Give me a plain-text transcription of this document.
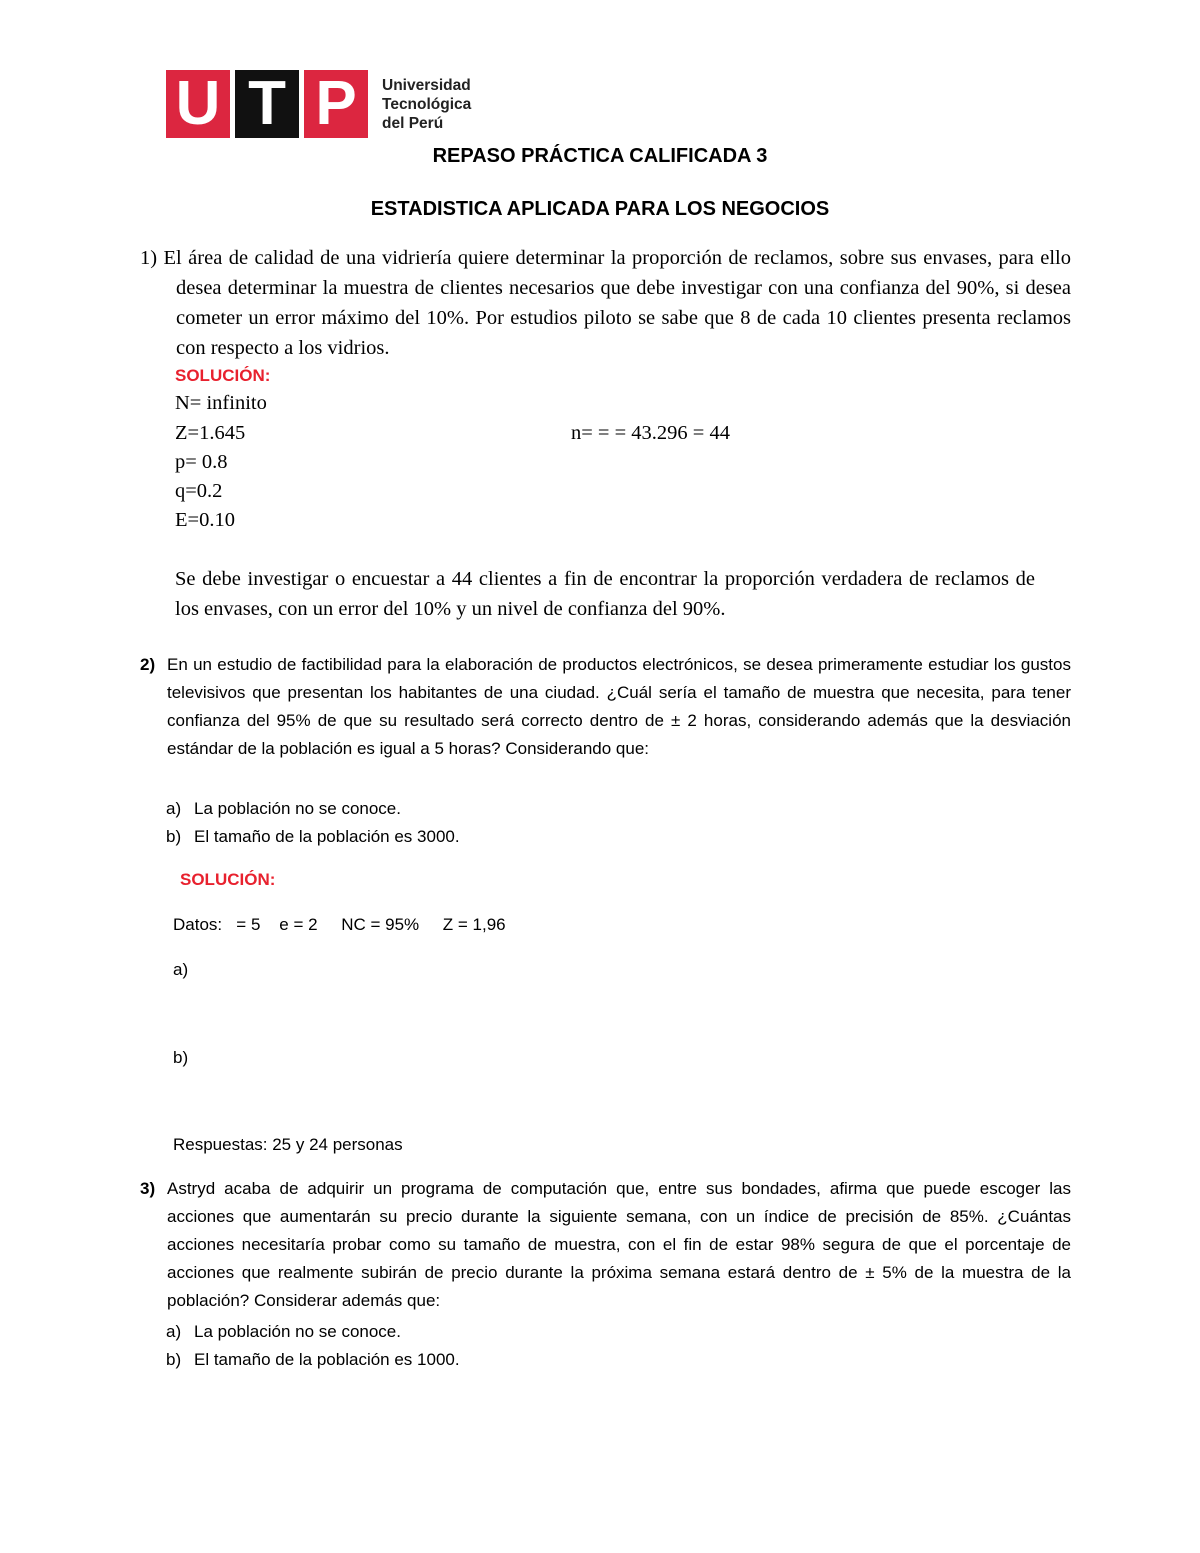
U T P	Universidad
Tecnológica
del Perú
REPASO PRÁCTICA CALIFICADA 3
ESTADISTICA APLICADA PARA LOS NEGOCIOS
1) El área de calidad de una vidriería quiere determinar la proporción de reclamos, sobre sus envases, para ello desea determinar la muestra de clientes necesarios que debe investigar con una confianza del 90%, si desea cometer un error máximo del 10%. Por estudios piloto se sabe que 8 de cada 10 clientes presenta reclamos con respecto a los vidrios.
SOLUCIÓN:
N= infinito
Z=1.645
p= 0.8
q=0.2
E=0.10
n= = = 43.296 = 44
Se debe investigar o encuestar a 44 clientes a fin de encontrar la proporción verdadera de reclamos de los envases, con un error del 10% y un nivel de confianza del 90%.
2) En un estudio de factibilidad para la elaboración de productos electrónicos, se desea primeramente estudiar los gustos televisivos que presentan los habitantes de una ciudad. ¿Cuál sería el tamaño de muestra que necesita, para tener confianza del 95% de que su resultado será correcto dentro de ± 2 horas, considerando además que la desviación estándar de la población es igual a 5 horas? Considerando que:
a) La población no se conoce.
b) El tamaño de la población es 3000.
SOLUCIÓN:
Datos:   = 5    e = 2     NC = 95%     Z = 1,96
a)
b)
Respuestas: 25 y 24 personas
3) Astryd acaba de adquirir un programa de computación que, entre sus bondades, afirma que puede escoger las acciones que aumentarán su precio durante la siguiente semana, con un índice de precisión de 85%. ¿Cuántas acciones necesitaría probar como su tamaño de muestra, con el fin de estar 98% segura de que el porcentaje de acciones que realmente subirán de precio durante la próxima semana estará dentro de ± 5% de la muestra de la población? Considerar además que:
a) La población no se conoce.
b) El tamaño de la población es 1000.
